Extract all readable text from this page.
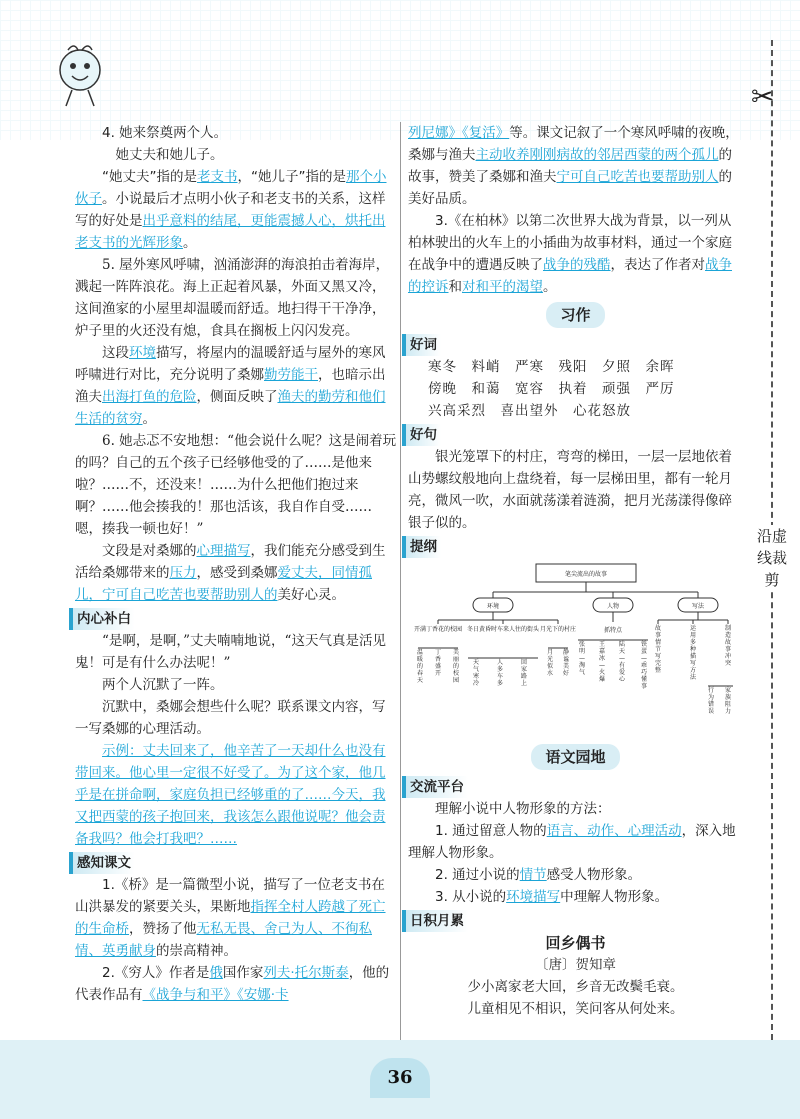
✂
沿虚线裁剪

4. 她来祭奠两个人。

她丈夫和她儿子。

“她丈夫”指的是老支书，“她儿子”指的是那个小伙子。小说最后才点明小伙子和老支书的关系，这样写的好处是出乎意料的结尾，更能震撼人心，烘托出老支书的光辉形象。

5. 屋外寒风呼啸，汹涌澎湃的海浪拍击着海岸，溅起一阵阵浪花。海上正起着风暴，外面又黑又冷，这间渔家的小屋里却温暖而舒适。地扫得干干净净，炉子里的火还没有熄，食具在搁板上闪闪发亮。

这段环境描写，将屋内的温暖舒适与屋外的寒风呼啸进行对比，充分说明了桑娜勤劳能干，也暗示出渔夫出海打鱼的危险，侧面反映了渔夫的勤劳和他们生活的贫穷。

6. 她忐忑不安地想：“他会说什么呢？这是闹着玩的吗？自己的五个孩子已经够他受的了……是他来啦？……不，还没来！……为什么把他们抱过来啊？……他会揍我的！那也活该，我自作自受……嗯，揍我一顿也好！”

文段是对桑娜的心理描写，我们能充分感受到生活给桑娜带来的压力，感受到桑娜爱丈夫，同情孤儿，宁可自己吃苦也要帮助别人的美好心灵。

内心补白

“是啊，是啊，”丈夫喃喃地说，“这天气真是活见鬼！可是有什么办法呢！”

两个人沉默了一阵。

沉默中，桑娜会想些什么呢？联系课文内容，写一写桑娜的心理活动。

示例：丈夫回来了，他辛苦了一天却什么也没有带回来。他心里一定很不好受了。为了这个家，他几乎是在拼命啊，家庭负担已经够重的了……今天，我又把西蒙的孩子抱回来，我该怎么跟他说呢？他会责备我吗？他会打我吧？……

感知课文

1.《桥》是一篇微型小说，描写了一位老支书在山洪暴发的紧要关头，果断地指挥全村人跨越了死亡的生命桥，赞扬了他无私无畏、舍己为人、不徇私情、英勇献身的崇高精神。

2.《穷人》作者是俄国作家列夫·托尔斯泰，他的代表作品有《战争与和平》《安娜·卡

列尼娜》《复活》等。课文记叙了一个寒风呼啸的夜晚，桑娜与渔夫主动收养刚刚病故的邻居西蒙的两个孤儿的故事，赞美了桑娜和渔夫宁可自己吃苦也要帮助别人的美好品质。

3.《在柏林》以第二次世界大战为背景，以一列从柏林驶出的火车上的小插曲为故事材料，通过一个家庭在战争中的遭遇反映了战争的残酷，表达了作者对战争的控诉和对和平的渴望。

习作
好词
寒冬　料峭　严寒　残阳　夕照　余晖
傍晚　和蔼　宽容　执着　顽强　严厉
兴高采烈　喜出望外　心花怒放
好句

银光笼罩下的村庄，弯弯的梯田，一层一层地依着山势螺纹般地向上盘绕着，每一层梯田里，都有一轮月亮，微风一吹，水面就荡漾着涟漪，把月光荡漾得像碎银子似的。

提纲
笔尖流出的故事
环境	人物	写法
开满丁香花的校园 冬日黄昏时车来人往的街头 月光下的村庄	抓特点
温暖的春天
丁香盛开
美丽的校园
天气寒冷
人多车多
回家路上
月光似水
静谧美好
张明—淘气
王嘉冰—火爆
陆天—有爱心
铁蛋—乖巧懂事
故事情节写完整
运用多种描写方法
制造故事冲突
行为错误
家族阻力
语文园地
交流平台

理解小说中人物形象的方法：

1. 通过留意人物的语言、动作、心理活动，深入地理解人物形象。

2. 通过小说的情节感受人物形象。

3. 从小说的环境描写中理解人物形象。

日积月累
回乡偶书
〔唐〕贺知章
少小离家老大回，乡音无改鬓毛衰。
儿童相见不相识，笑问客从何处来。
36
